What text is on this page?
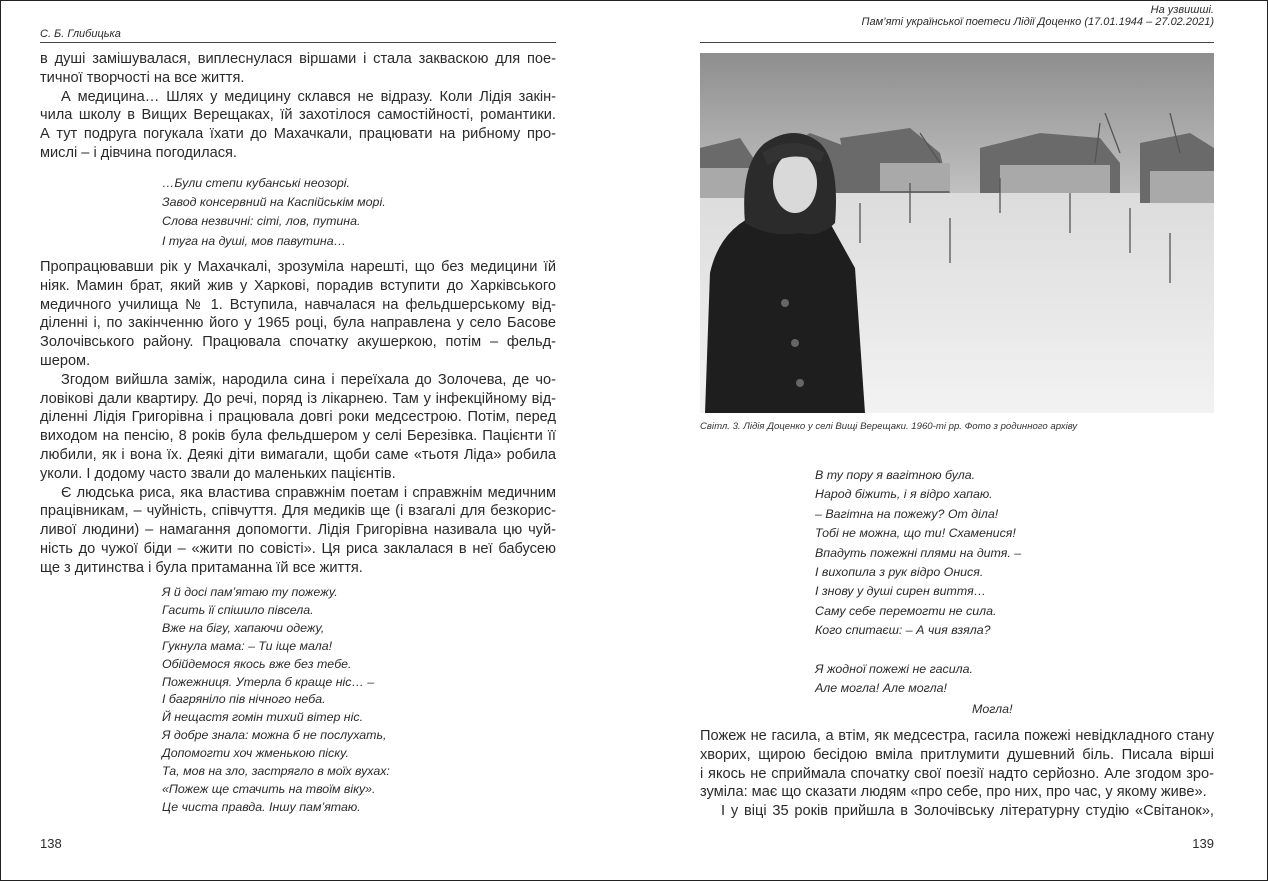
С. Б. Глибицька
в душі замішувалася, виплеснулася віршами і стала закваскою для пое-
тичної творчості на все життя.
А медицина… Шлях у медицину склався не відразу. Коли Лідія закін-
чила школу в Вищих Верещаках, їй захотілося самостійності, романтики.
А тут подруга погукала їхати до Махачкали, працювати на рибному про-
мислі – і дівчина погодилася.
…Були степи кубанські неозорі.
Завод консервний на Каспійськім морі.
Слова незвичні: сіті, лов, путина.
І туга на душі, мов павутина…
Пропрацювавши рік у Махачкалі, зрозуміла нарешті, що без медицини їй
ніяк. Мамин брат, який жив у Харкові, порадив вступити до Харківського
медичного училища № 1. Вступила, навчалася на фельдшерському від-
діленні і, по закінченню його у 1965 році, була направлена у село Басове
Золочівського району. Працювала спочатку акушеркою, потім – фельд-
шером.
Згодом вийшла заміж, народила сина і переїхала до Золочева, де чо-
ловікові дали квартиру. До речі, поряд із лікарнею. Там у інфекційному від-
діленні Лідія Григорівна і працювала довгі роки медсестрою. Потім, перед
виходом на пенсію, 8 років була фельдшером у селі Березівка. Пацієнти її
любили, як і вона їх. Деякі діти вимагали, щоби саме «тьотя Ліда» робила
уколи. І додому часто звали до маленьких пацієнтів.
Є людська риса, яка властива справжнім поетам і справжнім медичним
працівникам, – чуйність, співчуття. Для медиків ще (і взагалі для безкорис-
ливої людини) – намагання допомогти. Лідія Григорівна називала цю чуй-
ність до чужої біди – «жити по совісті». Ця риса заклалася в неї бабусею
ще з дитинства і була притаманна їй все життя.
Я й досі пам’ятаю ту пожежу.
Гасить її спішило півсела.
Вже на бігу, хапаючи одежу,
Гукнула мама: – Ти іще мала!
Обійдемося якось вже без тебе.
Пожежниця. Утерла б краще ніс… –
І багряніло пів нічного неба.
Й нещастя гомін тихий вітер ніс.
Я добре знала: можна б не послухать,
Допомогти хоч жменькою піску.
Та, мов на зло, застрягло в моїх вухах:
«Пожеж ще стачить на твоїм віку».
Це чиста правда. Іншу пам’ятаю.
138
На узвишші.
Пам’яті української поетеси Лідії Доценко (17.01.1944 – 27.02.2021)
Світл. 3. Лідія Доценко у селі Вищі Верещаки. 1960-ті рр. Фото з родинного архіву
В ту пору я вагітною була.
Народ біжить, і я відро хапаю.
– Вагітна на пожежу? От діла!
Тобі не можна, що ти! Схаменися!
Впадуть пожежні плями на дитя. –
І вихопила з рук відро Онися.
І знову у душі сирен виття…
Саму себе перемогти не сила.
Кого спитаєш: – А чия взяла?
Я жодної пожежі не гасила.
Але могла! Але могла!
Могла!
Пожеж не гасила, а втім, як медсестра, гасила пожежі невідкладного стану
хворих, щирою бесідою вміла притлумити душевний біль. Писала вірші
і якось не сприймала спочатку свої поезії надто серйозно. Але згодом зро-
зуміла: має що сказати людям «про себе, про них, про час, у якому живе».
І у віці 35 років прийшла в Золочівську літературну студію «Світанок»,
139
